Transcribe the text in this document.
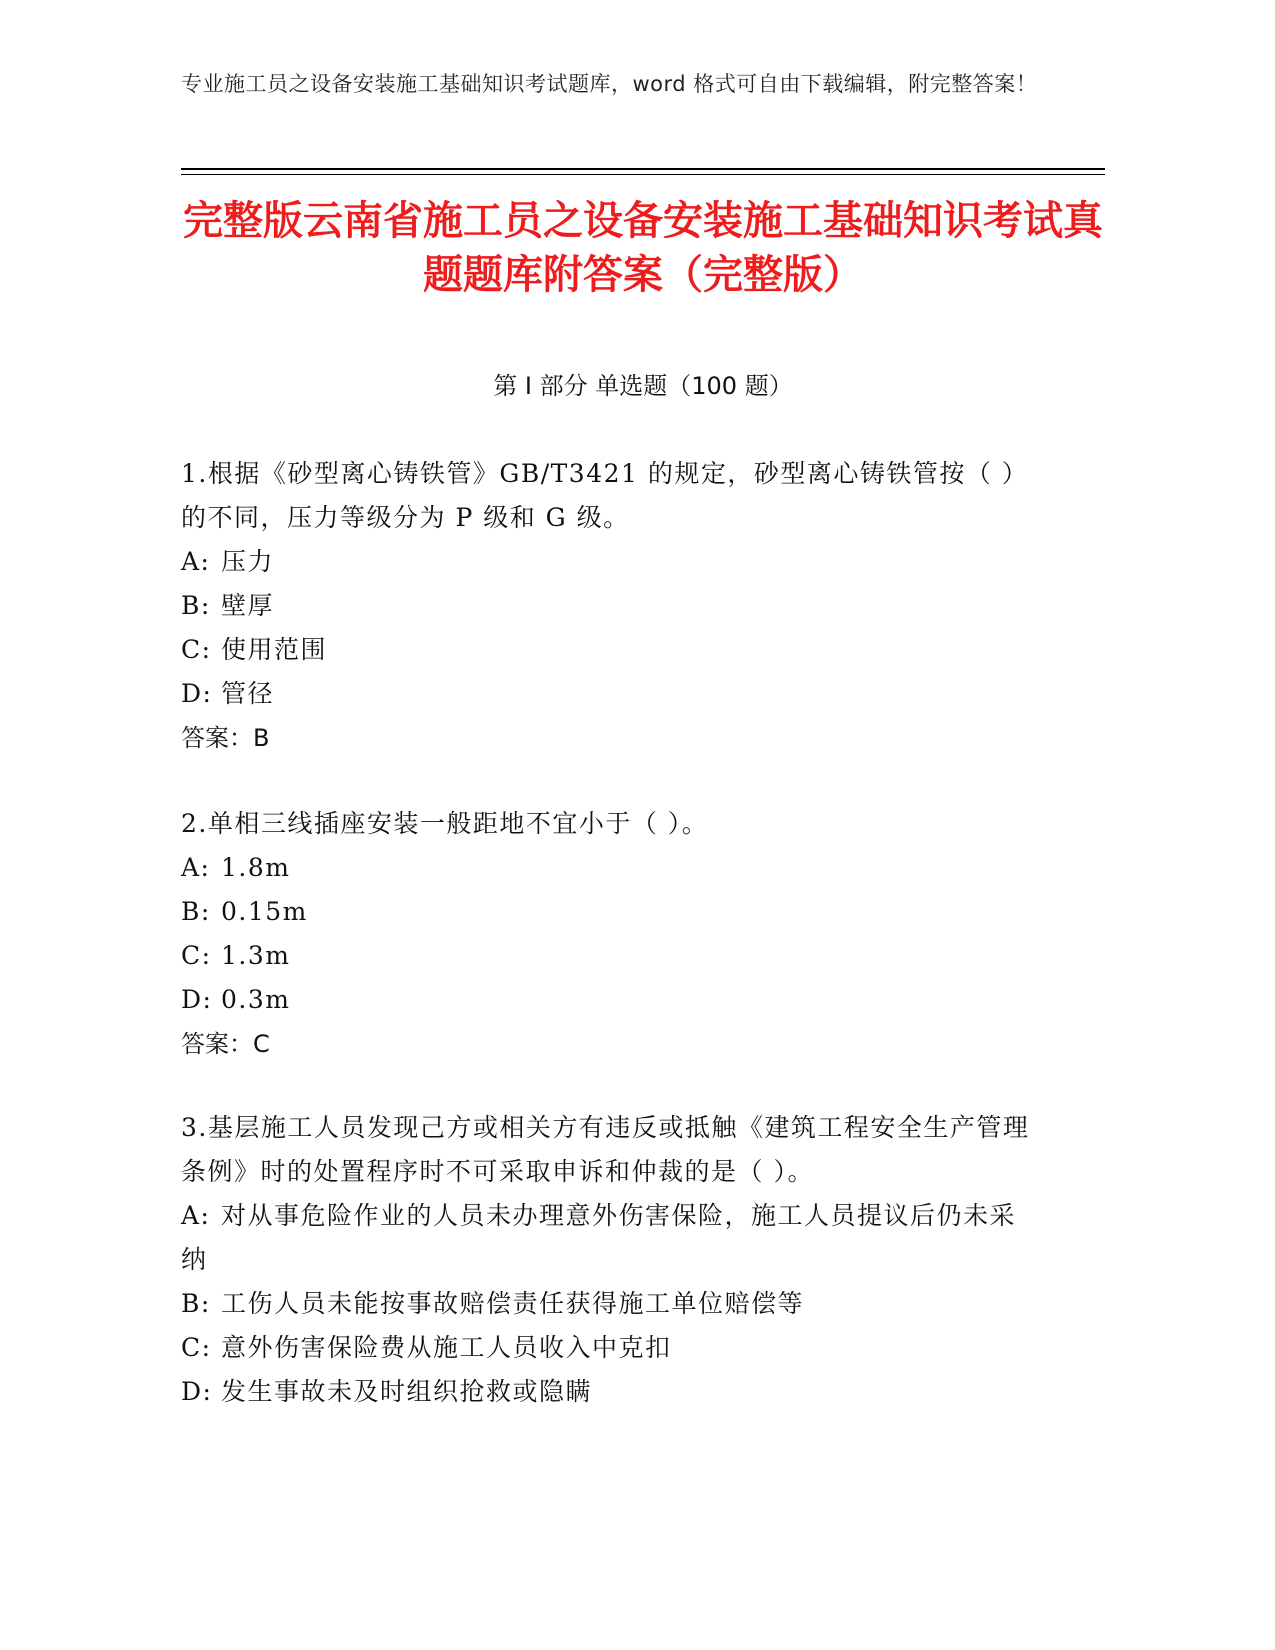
专业施工员之设备安装施工基础知识考试题库，word 格式可自由下载编辑，附完整答案！
完整版云南省施工员之设备安装施工基础知识考试真题题库附答案（完整版）
第 I 部分 单选题（100 题）
1.根据《砂型离心铸铁管》GB/T3421 的规定，砂型离心铸铁管按（ ）的不同，压力等级分为 P 级和 G 级。
A: 压力
B: 壁厚
C: 使用范围
D: 管径
答案：B
2.单相三线插座安装一般距地不宜小于（ ）。
A: 1.8m
B: 0.15m
C: 1.3m
D: 0.3m
答案：C
3.基层施工人员发现己方或相关方有违反或抵触《建筑工程安全生产管理条例》时的处置程序时不可采取申诉和仲裁的是（ ）。
A: 对从事危险作业的人员未办理意外伤害保险，施工人员提议后仍未采纳
B: 工伤人员未能按事故赔偿责任获得施工单位赔偿等
C: 意外伤害保险费从施工人员收入中克扣
D: 发生事故未及时组织抢救或隐瞒
